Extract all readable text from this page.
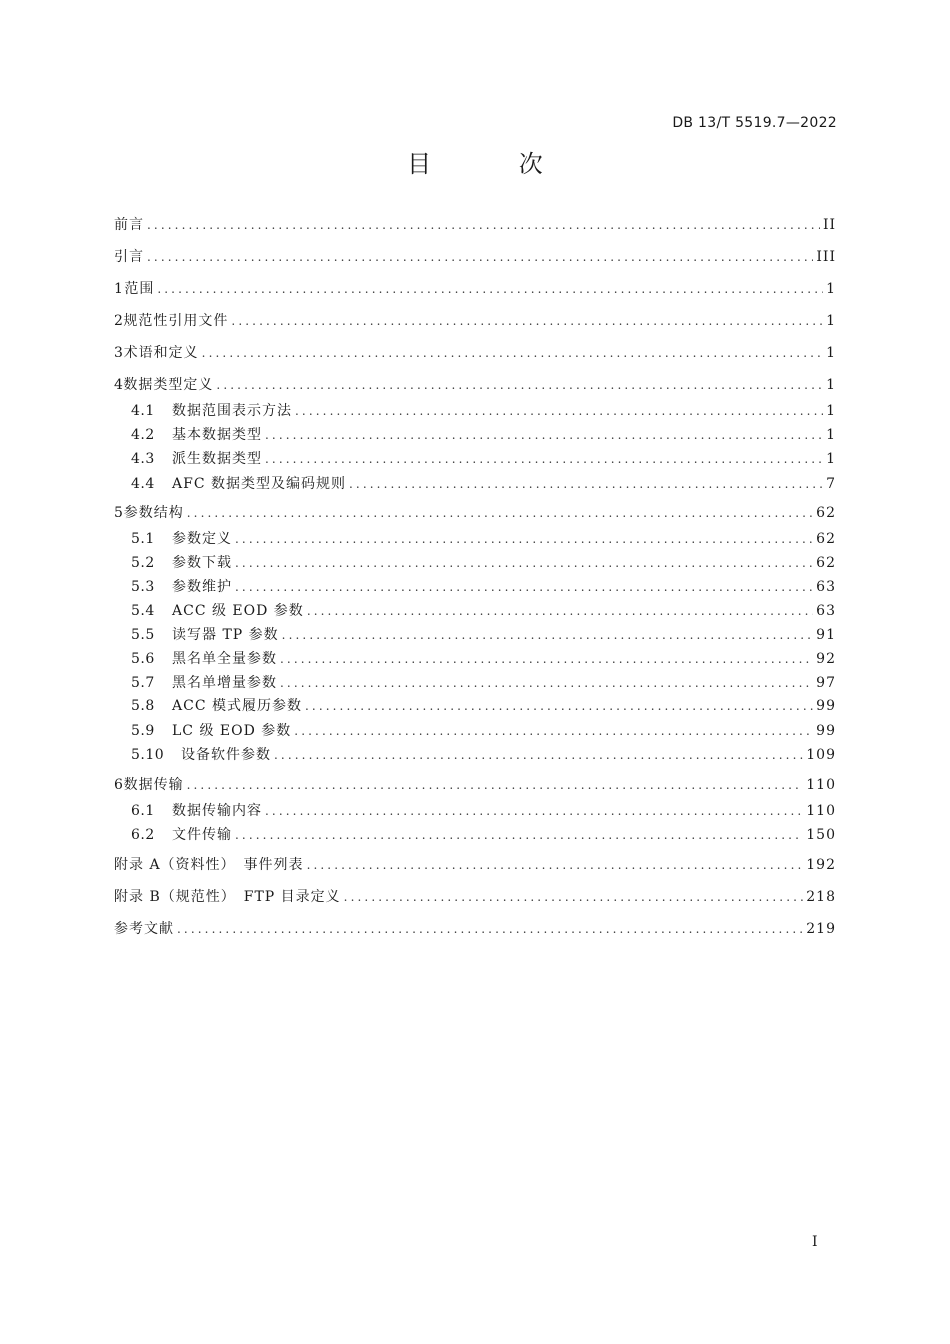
DB 13/T 5519.7—2022
目 次
前言 .....	II
引言 .....	III
1 范围 .....	1
2 规范性引用文件 .....	1
3 术语和定义 .....	1
4 数据类型定义 .....	1
4.1	数据范围表示方法 .....	1
4.2	基本数据类型 .....	1
4.3	派生数据类型 .....	1
4.4	AFC 数据类型及编码规则 .....	7
5 参数结构 .....	62
5.1	参数定义 .....	62
5.2	参数下载 .....	62
5.3	参数维护 .....	63
5.4	ACC 级 EOD 参数 .....	63
5.5	读写器 TP 参数 .....	91
5.6	黑名单全量参数 .....	92
5.7	黑名单增量参数 .....	97
5.8	ACC 模式履历参数 .....	99
5.9	LC 级 EOD 参数 .....	99
5.10	设备软件参数 .....	109
6 数据传输 .....	110
6.1	数据传输内容 .....	110
6.2	文件传输 .....	150
附录 A（资料性）　事件列表 .....	192
附录 B（规范性）　FTP 目录定义 .....	218
参考文献 .....	219
I
